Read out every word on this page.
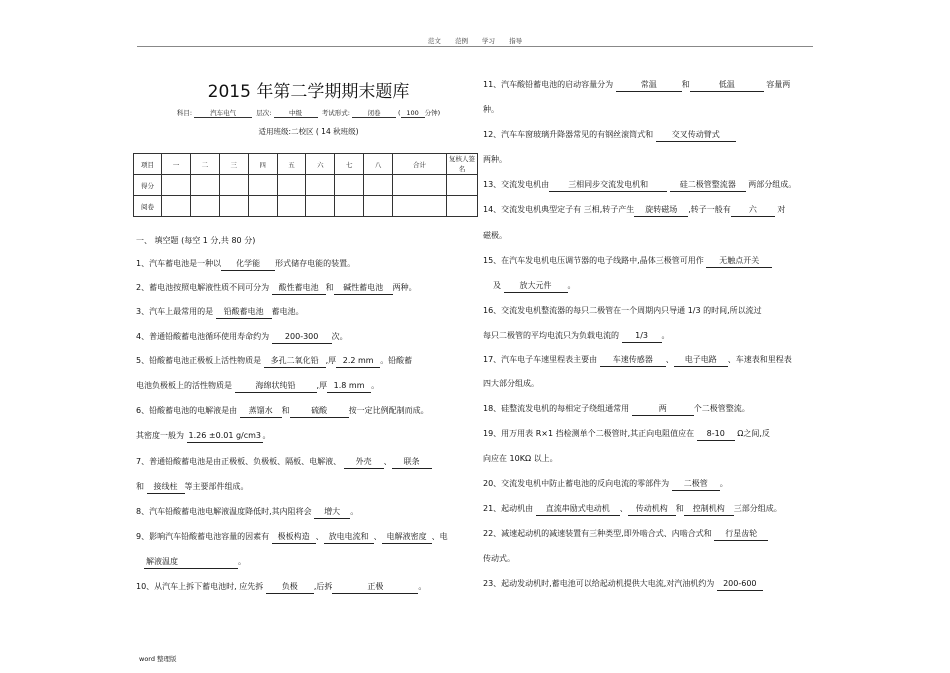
范文 范例 学习 指导
2015 年第二学期期末题库
科目:	汽车电气	层次:	中级	考试形式:	闭卷	( 100 分钟)
适用班级:二校区 ( 14 秋班级)
项目	一	二	三	四	五	六	七	八	合计	复核人签名
得分										
阅卷										
一、 填空题 (每空 1 分,共 80 分)
1、汽车蓄电池是一种以 化学能 形式储存电能的装置。
2、蓄电池按照电解液性质不同可分为 酸性蓄电池 和 碱性蓄电池 两种。
3、汽车上最常用的是 铅酸蓄电池 蓄电池。
4、普通铅酸蓄电池循环使用寿命约为 200-300 次。
5、铅酸蓄电池正极板上活性物质是 多孔二氧化铅 ,厚 2.2 mm 。铅酸蓄
电池负极板上的活性物质是	海绵状纯铅	,厚 1.8 mm 。
6、铅酸蓄电池的电解液是由 蒸馏水 和	硫酸	按一定比例配制而成。
其密度一般为 1.26 ±0.01 g/cm3 。
7、普通铅酸蓄电池是由正极板、负极板、隔板、电解液、 外壳 、 联条
和 接线柱 等主要部件组成。
8、汽车铅酸蓄电池电解液温度降低时,其内阻将会 增大 。
9、影响汽车铅酸蓄电池容量的因素有 极板构造 、 放电电流和 、 电解液密度 、电
解液温度	。
10、从汽车上拆下蓄电池时, 应先拆 负极 ,后拆	正极	。
11、汽车酸铅蓄电池的启动容量分为	常温	和	低温	容量两
种。
12、汽车车窗玻璃升降器常见的有钢丝滚筒式和 交叉传动臂式
两种。
13、交流发电机由 三相同步交流发电机和	硅二极管整流器 两部分组成。
14、交流发电机典型定子有 三相,转子产生 旋转磁场 ,转子一般有 六	对
磁极。
15、在汽车发电机电压调节器的电子线路中,晶体三极管可用作 无触点开关
及 放大元件 。
16、交流发电机整流器的每只二极管在一个周期内只导通 1/3 的时间,所以流过
每只二极管的平均电流只为负载电流的 1/3 。
17、汽车电子车速里程表主要由 车速传感器 、 电子电路 、车速表和里程表
四大部分组成。
18、硅整流发电机的每相定子绕组通常用	两	个二极管整流。
19、用万用表 R×1 挡检测单个二极管时,其正向电阻值应在 8-10 Ω之间,反
向应在 10KΩ 以上。
20、交流发电机中防止蓄电池的反向电流的零部件为 二极管 。
21、起动机由 直流串励式电动机 、 传动机构 和 控制机构 三部分组成。
22、减速起动机的减速装置有三种类型,即外啮合式、内啮合式和 行星齿轮
传动式。
23、起动发动机时,蓄电池可以给起动机提供大电流,对汽油机约为 200-600
word 整理版
